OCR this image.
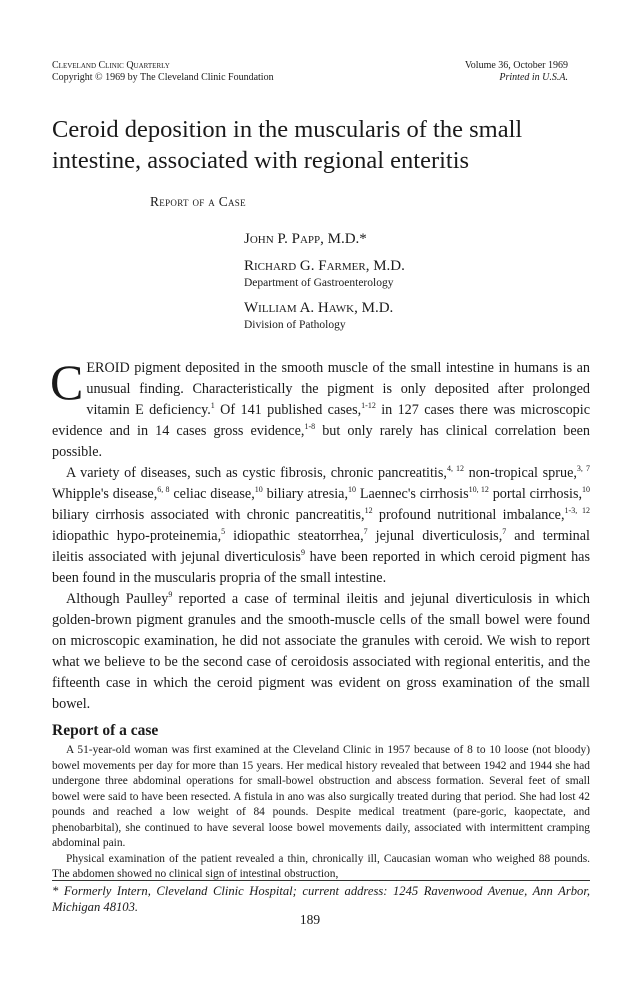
Cleveland Clinic Quarterly
Copyright © 1969 by The Cleveland Clinic Foundation
Volume 36, October 1969
Printed in U.S.A.
Ceroid deposition in the muscularis of the small intestine, associated with regional enteritis
Report of a Case
John P. Papp, M.D.*
Richard G. Farmer, M.D.
Department of Gastroenterology
William A. Hawk, M.D.
Division of Pathology

CEROID pigment deposited in the smooth muscle of the small intestine in humans is an unusual finding. Characteristically the pigment is only deposited after prolonged vitamin E deficiency.$^1$ Of 141 published cases,$^{1-12}$ in 127 cases there was microscopic evidence and in 14 cases gross evidence,$^{1-8}$ but only rarely has clinical correlation been possible.

A variety of diseases, such as cystic fibrosis, chronic pancreatitis,$^{4, 12}$ non-tropical sprue,$^{3, 7}$ Whipple's disease,$^{6, 8}$ celiac disease,$^{10}$ biliary atresia,$^{10}$ Laennec's cirrhosis$^{10, 12}$ portal cirrhosis,$^{10}$ biliary cirrhosis associated with chronic pancreatitis,$^{12}$ profound nutritional imbalance,$^{1-3, 12}$ idiopathic hypo-proteinemia,$^5$ idiopathic steatorrhea,$^7$ jejunal diverticulosis,$^7$ and terminal ileitis associated with jejunal diverticulosis$^9$ have been reported in which ceroid pigment has been found in the muscularis propria of the small intestine.

Although Paulley$^9$ reported a case of terminal ileitis and jejunal diverticulosis in which golden-brown pigment granules and the smooth-muscle cells of the small bowel were found on microscopic examination, he did not associate the granules with ceroid. We wish to report what we believe to be the second case of ceroidosis associated with regional enteritis, and the fifteenth case in which the ceroid pigment was evident on gross examination of the small bowel.

Report of a case

A 51-year-old woman was first examined at the Cleveland Clinic in 1957 because of 8 to 10 loose (not bloody) bowel movements per day for more than 15 years. Her medical history revealed that between 1942 and 1944 she had undergone three abdominal operations for small-bowel obstruction and abscess formation. Several feet of small bowel were said to have been resected. A fistula in ano was also surgically treated during that period. She had lost 42 pounds and reached a low weight of 84 pounds. Despite medical treatment (pare-goric, kaopectate, and phenobarbital), she continued to have several loose bowel movements daily, associated with intermittent cramping abdominal pain.

Physical examination of the patient revealed a thin, chronically ill, Caucasian woman who weighed 88 pounds. The abdomen showed no clinical sign of intestinal obstruction,

* Formerly Intern, Cleveland Clinic Hospital; current address: 1245 Ravenwood Avenue, Ann Arbor, Michigan 48103.
189
